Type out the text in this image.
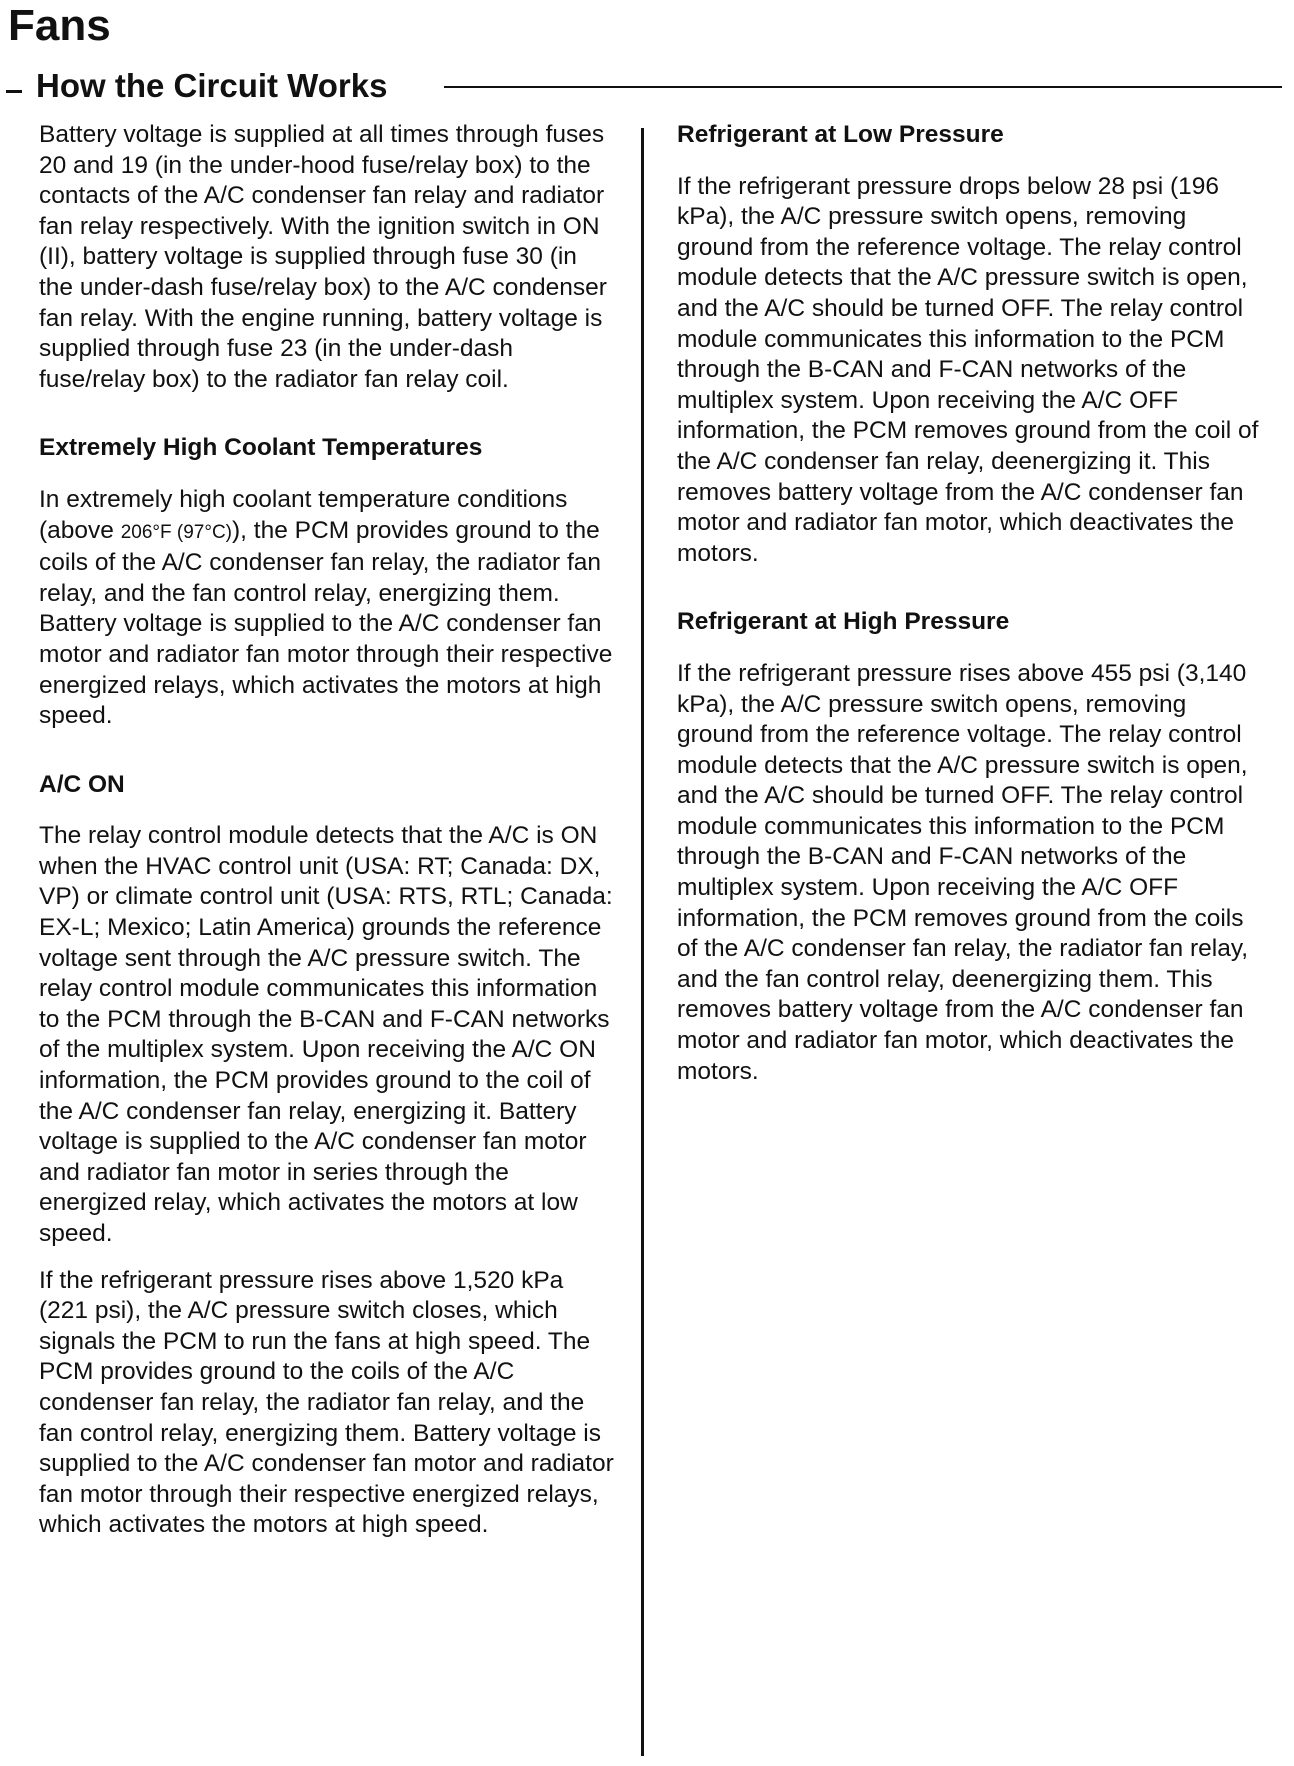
Fans
How the Circuit Works

Battery voltage is supplied at all times through fuses 20 and 19 (in the under-hood fuse/relay box) to the contacts of the A/C condenser fan relay and radiator fan relay respectively. With the ignition switch in ON (II), battery voltage is supplied through fuse 30 (in the under-dash fuse/relay box) to the A/C condenser fan relay. With the engine running, battery voltage is supplied through fuse 23 (in the under-dash fuse/relay box) to the radiator fan relay coil.

Extremely High Coolant Temperatures

In extremely high coolant temperature conditions (above 206°F (97°C)), the PCM provides ground to the coils of the A/C condenser fan relay, the radiator fan relay, and the fan control relay, energizing them. Battery voltage is supplied to the A/C condenser fan motor and radiator fan motor through their respective energized relays, which activates the motors at high speed.

A/C ON

The relay control module detects that the A/C is ON when the HVAC control unit (USA: RT; Canada: DX, VP) or climate control unit (USA: RTS, RTL; Canada: EX-L; Mexico; Latin America) grounds the reference voltage sent through the A/C pressure switch. The relay control module communicates this information to the PCM through the B-CAN and F-CAN networks of the multiplex system. Upon receiving the A/C ON information, the PCM provides ground to the coil of the A/C condenser fan relay, energizing it. Battery voltage is supplied to the A/C condenser fan motor and radiator fan motor in series through the energized relay, which activates the motors at low speed.

If the refrigerant pressure rises above 1,520 kPa (221 psi), the A/C pressure switch closes, which signals the PCM to run the fans at high speed. The PCM provides ground to the coils of the A/C condenser fan relay, the radiator fan relay, and the fan control relay, energizing them. Battery voltage is supplied to the A/C condenser fan motor and radiator fan motor through their respective energized relays, which activates the motors at high speed.

Refrigerant at Low Pressure

If the refrigerant pressure drops below 28 psi (196 kPa), the A/C pressure switch opens, removing ground from the reference voltage. The relay control module detects that the A/C pressure switch is open, and the A/C should be turned OFF. The relay control module communicates this information to the PCM through the B-CAN and F-CAN networks of the multiplex system. Upon receiving the A/C OFF information, the PCM removes ground from the coil of the A/C condenser fan relay, deenergizing it. This removes battery voltage from the A/C condenser fan motor and radiator fan motor, which deactivates the motors.

Refrigerant at High Pressure

If the refrigerant pressure rises above 455 psi (3,140 kPa), the A/C pressure switch opens, removing ground from the reference voltage. The relay control module detects that the A/C pressure switch is open, and the A/C should be turned OFF. The relay control module communicates this information to the PCM through the B-CAN and F-CAN networks of the multiplex system. Upon receiving the A/C OFF information, the PCM removes ground from the coils of the A/C condenser fan relay, the radiator fan relay, and the fan control relay, deenergizing them. This removes battery voltage from the A/C condenser fan motor and radiator fan motor, which deactivates the motors.
